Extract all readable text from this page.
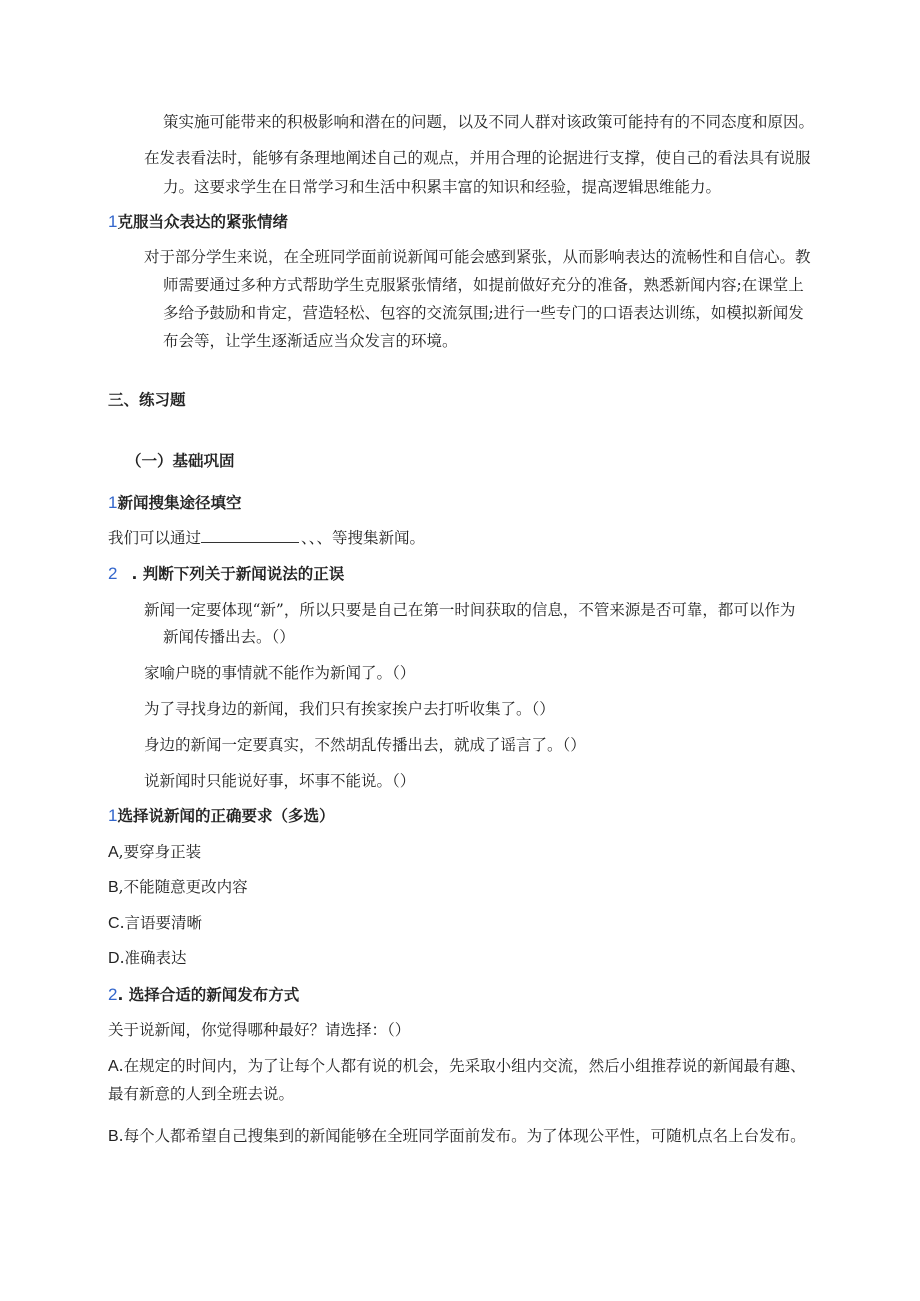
策实施可能带来的积极影响和潜在的问题，以及不同人群对该政策可能持有的不同态度和原因。
在发表看法时，能够有条理地阐述自己的观点，并用合理的论据进行支撑，使自己的看法具有说服
力。这要求学生在日常学习和生活中积累丰富的知识和经验，提高逻辑思维能力。
1克服当众表达的紧张情绪
对于部分学生来说，在全班同学面前说新闻可能会感到紧张，从而影响表达的流畅性和自信心。教
师需要通过多种方式帮助学生克服紧张情绪，如提前做好充分的准备，熟悉新闻内容;在课堂上
多给予鼓励和肯定，营造轻松、包容的交流氛围;进行一些专门的口语表达训练，如模拟新闻发
布会等，让学生逐渐适应当众发言的环境。
三、练习题
（一）基础巩固
1新闻搜集途径填空
我们可以通过	、、、等搜集新闻。
2 . 判断下列关于新闻说法的正误
新闻一定要体现“新”，所以只要是自己在第一时间获取的信息，不管来源是否可靠，都可以作为
新闻传播出去。（）
家喻户晓的事情就不能作为新闻了。（）
为了寻找身边的新闻，我们只有挨家挨户去打听收集了。（）
身边的新闻一定要真实，不然胡乱传播出去，就成了谣言了。（）
说新闻时只能说好事，坏事不能说。（）
1选择说新闻的正确要求（多选）
A,要穿身正装
B,不能随意更改内容
C.言语要清晰
D.准确表达
2. 选择合适的新闻发布方式
关于说新闻，你觉得哪种最好？请选择：（）
A.在规定的时间内，为了让每个人都有说的机会，先采取小组内交流，然后小组推荐说的新闻最有趣、
最有新意的人到全班去说。
B.每个人都希望自己搜集到的新闻能够在全班同学面前发布。为了体现公平性，可随机点名上台发布。
